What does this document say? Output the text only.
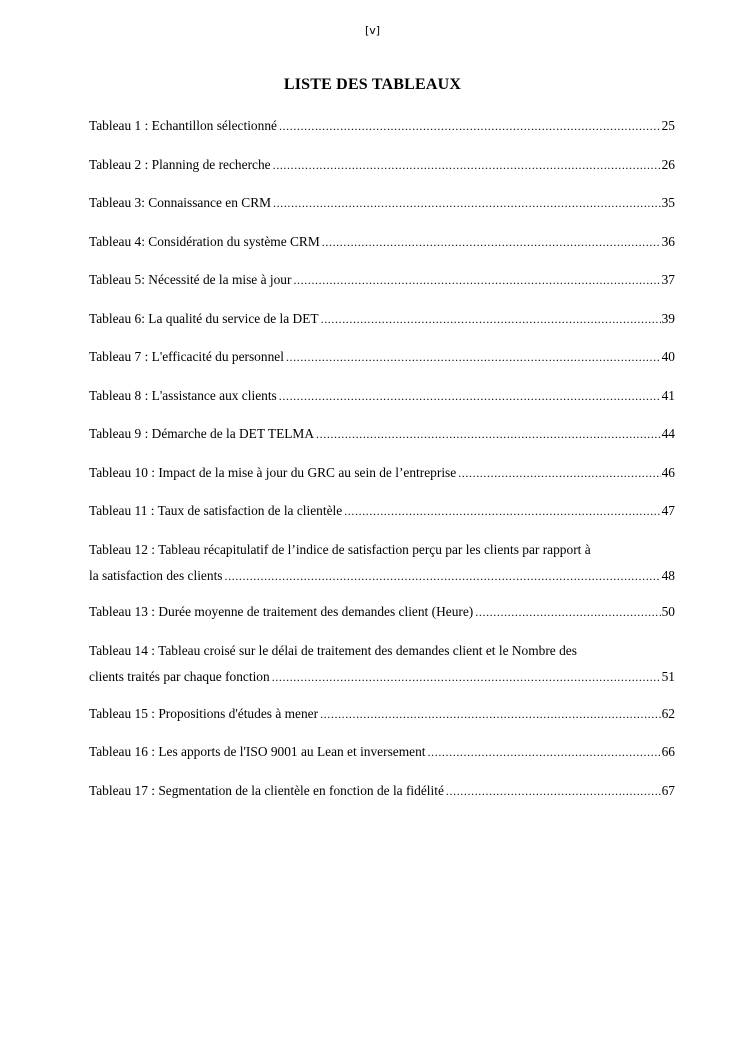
[v]
LISTE DES TABLEAUX
Tableau 1 : Echantillon sélectionné .....	25
Tableau 2 : Planning de recherche .....	26
Tableau 3: Connaissance en CRM .....	35
Tableau 4: Considération du système CRM .....	36
Tableau 5: Nécessité de la mise à jour .....	37
Tableau 6: La qualité du service de la DET .....	39
Tableau 7 : L'efficacité du personnel .....	40
Tableau 8 : L'assistance aux clients .....	41
Tableau 9 : Démarche de la DET TELMA .....	44
Tableau 10 : Impact de la mise à jour du GRC au sein de l’entreprise .....	46
Tableau 11 : Taux de satisfaction de la clientèle .....	47
Tableau 12 : Tableau récapitulatif de l’indice de satisfaction perçu par les clients par rapport à
la satisfaction des clients .....	48
Tableau 13 : Durée moyenne de traitement des demandes client (Heure) .....	50
Tableau 14 : Tableau croisé sur le délai de traitement des demandes client et le Nombre des
clients traités par chaque fonction .....	51
Tableau 15 : Propositions d'études à mener .....	62
Tableau 16 : Les apports de l'ISO 9001 au Lean et inversement .....	66
Tableau 17 : Segmentation de la clientèle en fonction de la fidélité .....	67
